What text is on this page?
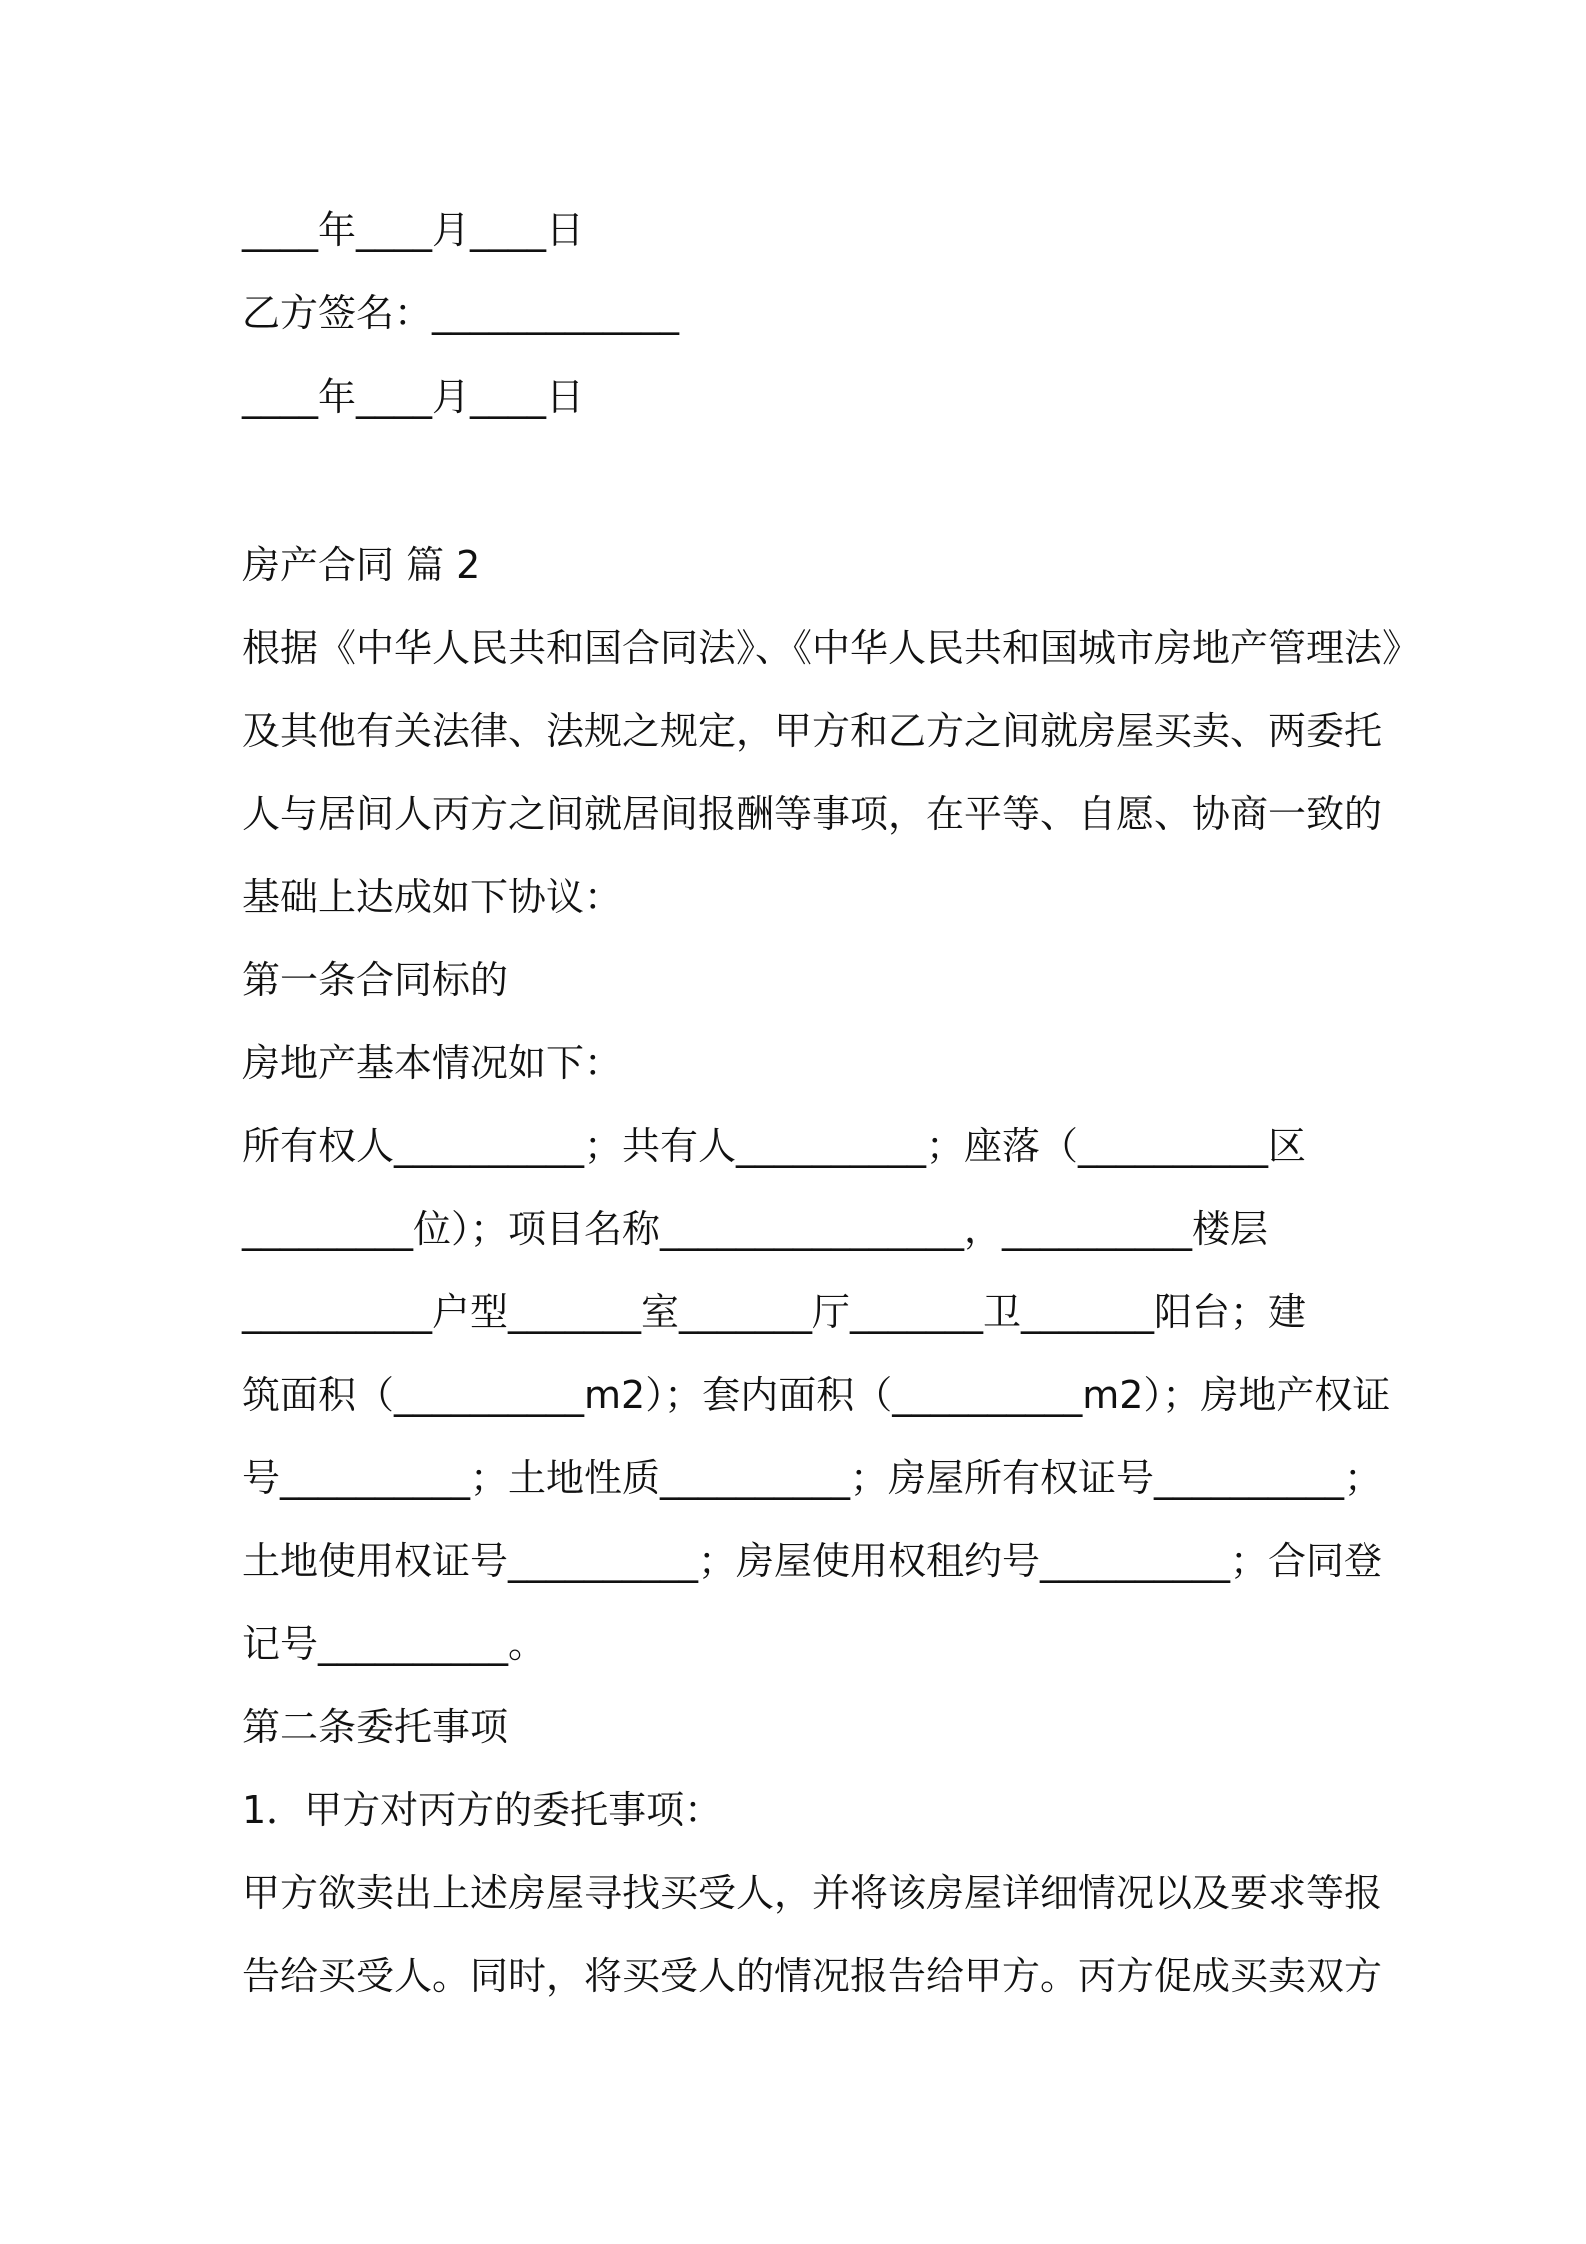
____年____月____日
乙方签名：_____________
____年____月____日
房产合同 篇 2
根据《中华人民共和国合同法》、《中华人民共和国城市房地产管理法》
及其他有关法律、法规之规定，甲方和乙方之间就房屋买卖、两委托
人与居间人丙方之间就居间报酬等事项，在平等、自愿、协商一致的
基础上达成如下协议：
第一条合同标的
房地产基本情况如下：
所有权人__________；共有人__________；座落（__________区
_________位）；项目名称________________，__________楼层
__________户型_______室_______厅_______卫_______阳台；建
筑面积（__________m2）；套内面积（__________m2）；房地产权证
号__________；土地性质__________；房屋所有权证号__________；
土地使用权证号__________；房屋使用权租约号__________；合同登
记号__________。
第二条委托事项
1．甲方对丙方的委托事项：
甲方欲卖出上述房屋寻找买受人，并将该房屋详细情况以及要求等报
告给买受人。同时，将买受人的情况报告给甲方。丙方促成买卖双方
